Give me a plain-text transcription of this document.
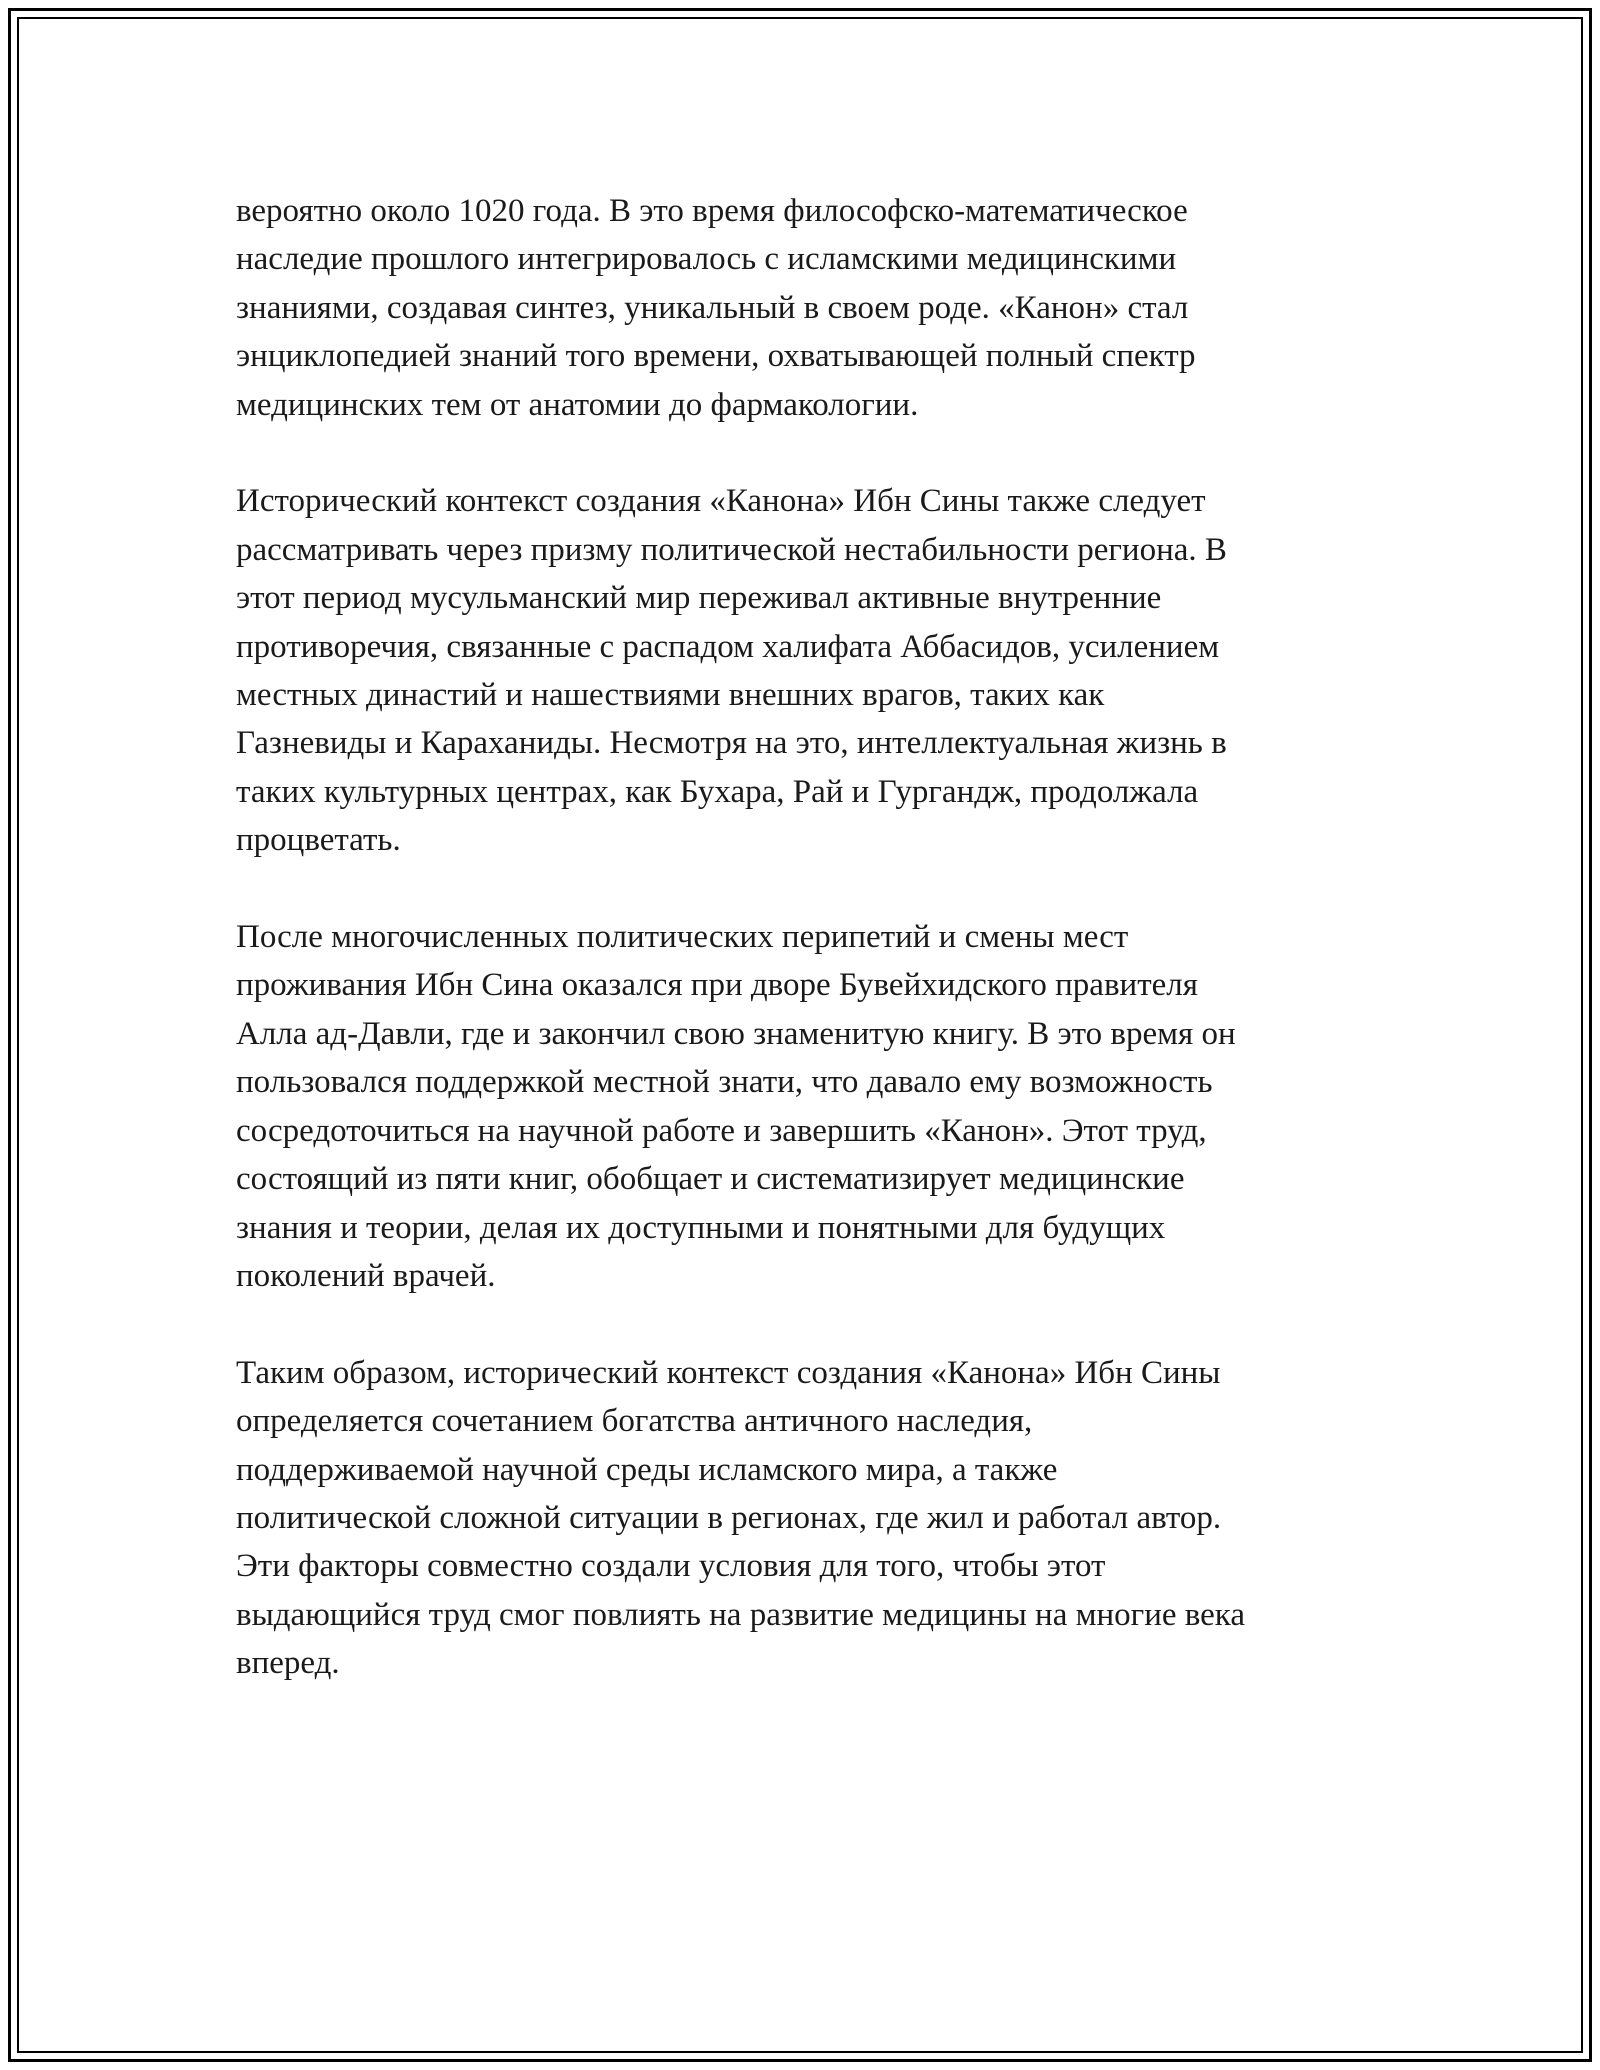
вероятно около 1020 года. В это время философско-математическое
наследие прошлого интегрировалось с исламскими медицинскими
знаниями, создавая синтез, уникальный в своем роде. «Канон» стал
энциклопедией знаний того времени, охватывающей полный спектр
медицинских тем от анатомии до фармакологии.

Исторический контекст создания «Канона» Ибн Сины также следует
рассматривать через призму политической нестабильности региона. В
этот период мусульманский мир переживал активные внутренние
противоречия, связанные с распадом халифата Аббасидов, усилением
местных династий и нашествиями внешних врагов, таких как
Газневиды и Караханиды. Несмотря на это, интеллектуальная жизнь в
таких культурных центрах, как Бухара, Рай и Гургандж, продолжала
процветать.

После многочисленных политических перипетий и смены мест
проживания Ибн Сина оказался при дворе Бувейхидского правителя
Алла ад-Давли, где и закончил свою знаменитую книгу. В это время он
пользовался поддержкой местной знати, что давало ему возможность
сосредоточиться на научной работе и завершить «Канон». Этот труд,
состоящий из пяти книг, обобщает и систематизирует медицинские
знания и теории, делая их доступными и понятными для будущих
поколений врачей.

Таким образом, исторический контекст создания «Канона» Ибн Сины
определяется сочетанием богатства античного наследия,
поддерживаемой научной среды исламского мира, а также
политической сложной ситуации в регионах, где жил и работал автор.
Эти факторы совместно создали условия для того, чтобы этот
выдающийся труд смог повлиять на развитие медицины на многие века
вперед.
